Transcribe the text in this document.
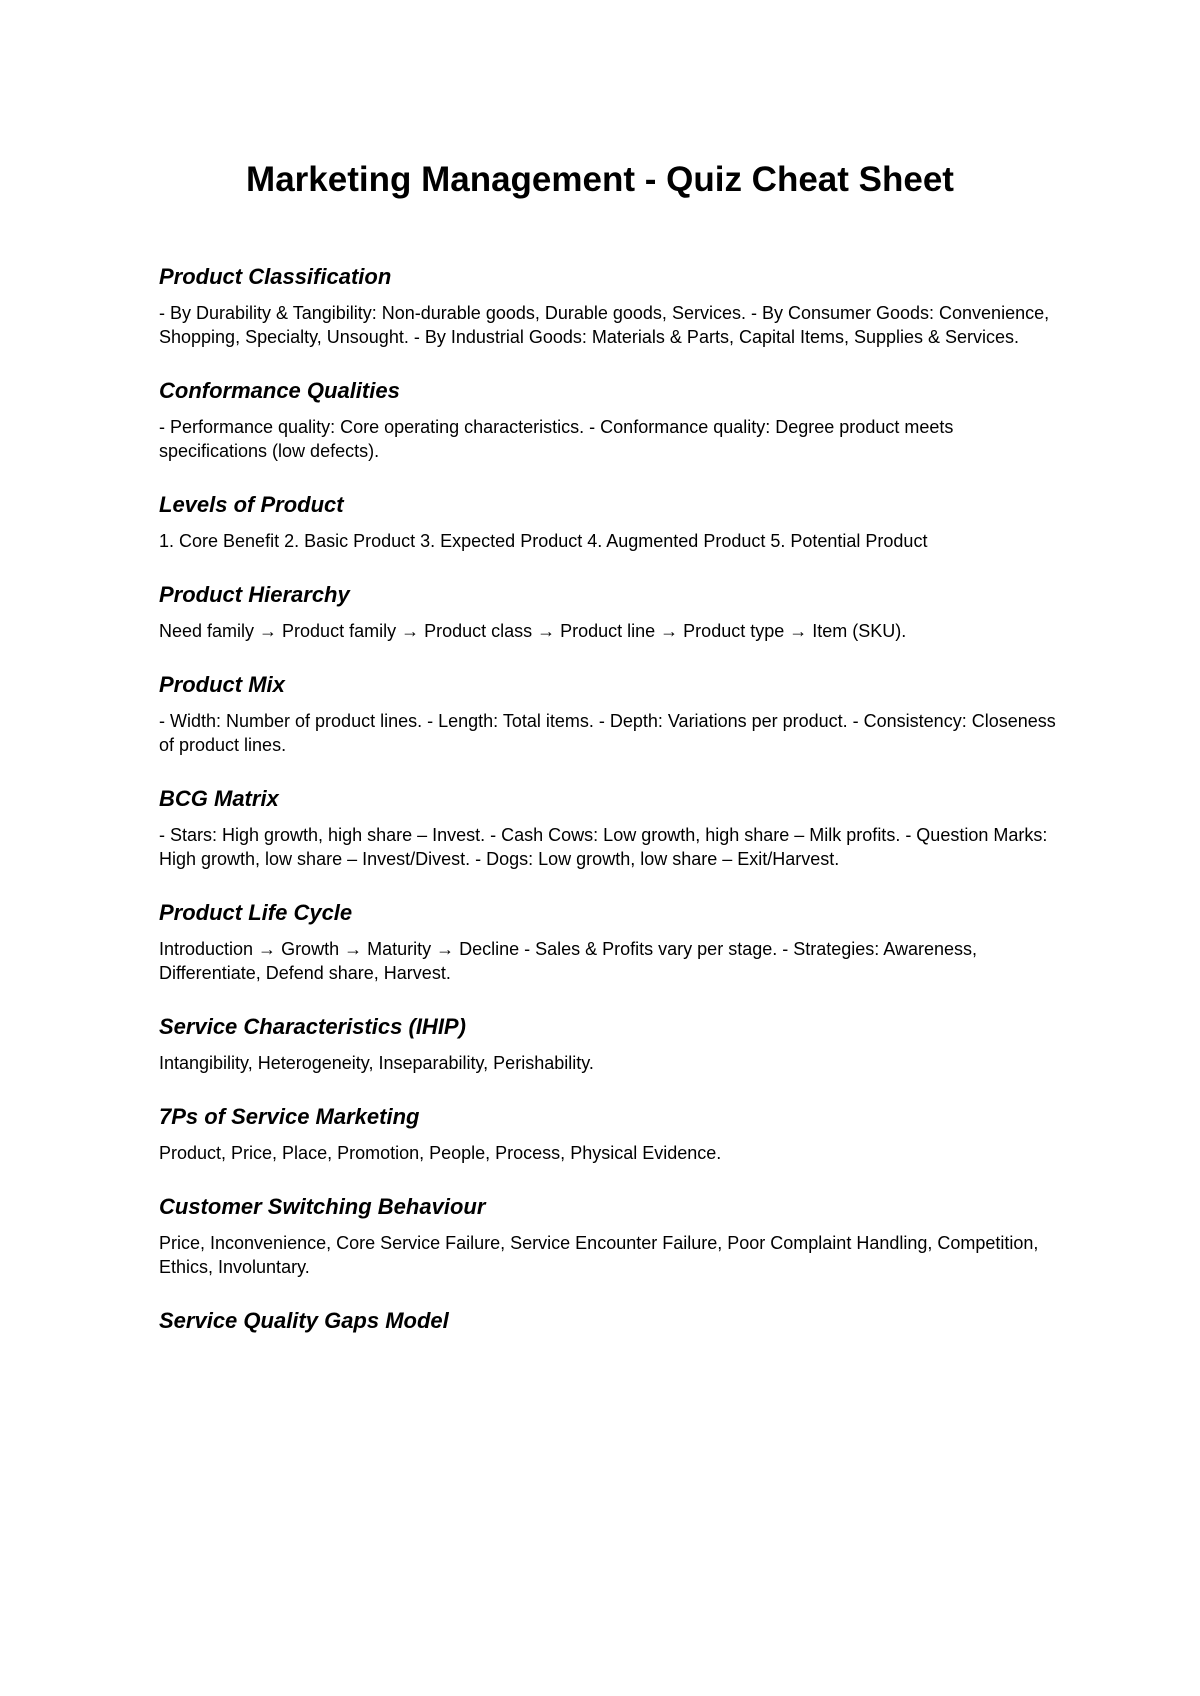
Marketing Management - Quiz Cheat Sheet
Product Classification
- By Durability & Tangibility: Non-durable goods, Durable goods, Services. - By Consumer Goods: Convenience, Shopping, Specialty, Unsought. - By Industrial Goods: Materials & Parts, Capital Items, Supplies & Services.
Conformance Qualities
- Performance quality: Core operating characteristics. - Conformance quality: Degree product meets specifications (low defects).
Levels of Product
1. Core Benefit 2. Basic Product 3. Expected Product 4. Augmented Product 5. Potential Product
Product Hierarchy
Need family → Product family → Product class → Product line → Product type → Item (SKU).
Product Mix
- Width: Number of product lines. - Length: Total items. - Depth: Variations per product. - Consistency: Closeness of product lines.
BCG Matrix
- Stars: High growth, high share – Invest. - Cash Cows: Low growth, high share – Milk profits. - Question Marks: High growth, low share – Invest/Divest. - Dogs: Low growth, low share – Exit/Harvest.
Product Life Cycle
Introduction → Growth → Maturity → Decline - Sales & Profits vary per stage. - Strategies: Awareness, Differentiate, Defend share, Harvest.
Service Characteristics (IHIP)
Intangibility, Heterogeneity, Inseparability, Perishability.
7Ps of Service Marketing
Product, Price, Place, Promotion, People, Process, Physical Evidence.
Customer Switching Behaviour
Price, Inconvenience, Core Service Failure, Service Encounter Failure, Poor Complaint Handling, Competition, Ethics, Involuntary.
Service Quality Gaps Model
